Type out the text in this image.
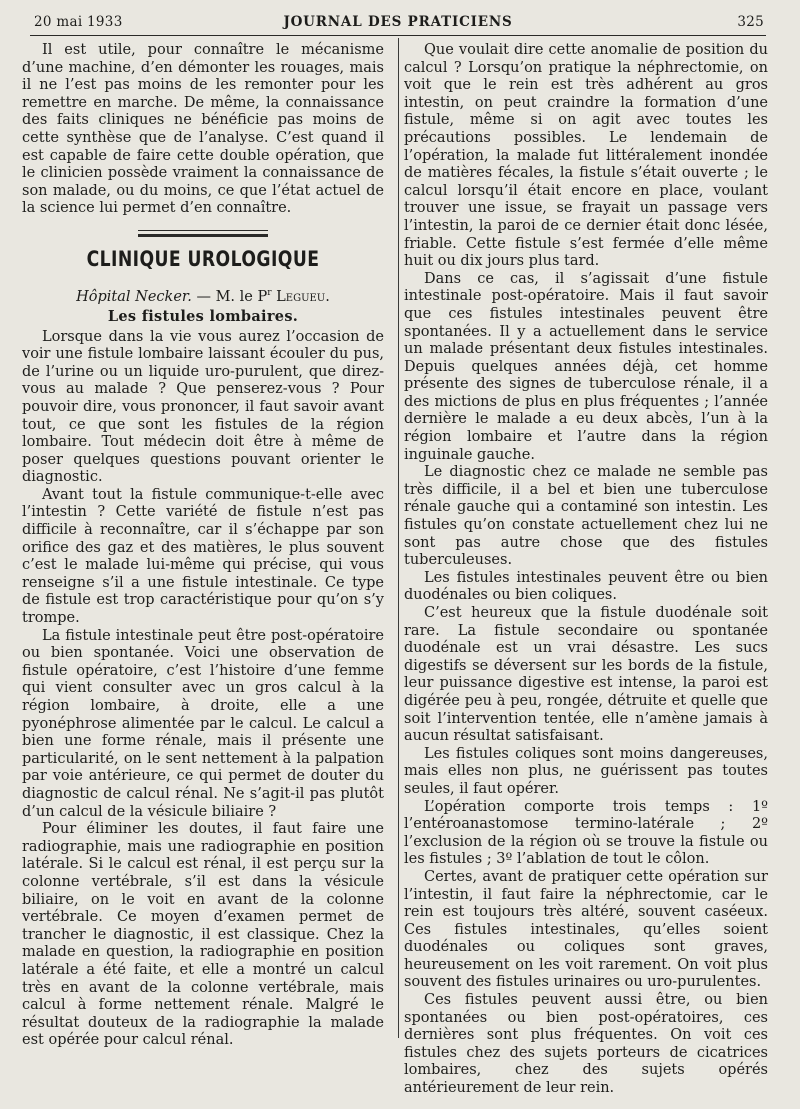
20 mai 1933	JOURNAL DES PRATICIENS	325

Il est utile, pour connaître le mécanisme d’une machine, d’en démonter les rouages, mais il ne l’est pas moins de les remonter pour les remettre en marche. De même, la connaissance des faits cliniques ne bénéficie pas moins de cette synthèse que de l’analyse. C’est quand il est capable de faire cette double opération, que le clinicien possède vraiment la connaissance de son malade, ou du moins, ce que l’état actuel de la science lui permet d’en connaître.

CLINIQUE UROLOGIQUE
Hôpital Necker. — M. le $P^r$ Legueu.
Les fistules lombaires.

Lorsque dans la vie vous aurez l’occasion de voir une fistule lombaire laissant écouler du pus, de l’urine ou un liquide uro-purulent, que direz-vous au malade ? Que penserez-vous ? Pour pouvoir dire, vous prononcer, il faut savoir avant tout, ce que sont les fistules de la région lombaire. Tout médecin doit être à même de poser quelques questions pouvant orienter le diagnostic.

Avant tout la fistule communique-t-elle avec l’intestin ? Cette variété de fistule n’est pas difficile à reconnaître, car il s’échappe par son orifice des gaz et des matières, le plus souvent c’est le malade lui-même qui précise, qui vous renseigne s’il a une fistule intestinale. Ce type de fistule est trop caractéristique pour qu’on s’y trompe.

La fistule intestinale peut être post-opératoire ou bien spontanée. Voici une observation de fistule opératoire, c’est l’histoire d’une femme qui vient consulter avec un gros calcul à la région lombaire, à droite, elle a une pyonéphrose alimentée par le calcul. Le calcul a bien une forme rénale, mais il présente une particularité, on le sent nettement à la palpation par voie antérieure, ce qui permet de douter du diagnostic de calcul rénal. Ne s’agit-il pas plutôt d’un calcul de la vésicule biliaire ?

Pour éliminer les doutes, il faut faire une radiographie, mais une radiographie en position latérale. Si le calcul est rénal, il est perçu sur la colonne vertébrale, s’il est dans la vésicule biliaire, on le voit en avant de la colonne vertébrale. Ce moyen d’examen permet de trancher le diagnostic, il est classique. Chez la malade en question, la radiographie en position latérale a été faite, et elle a montré un calcul très en avant de la colonne vertébrale, mais calcul à forme nettement rénale. Malgré le résultat douteux de la radiographie la malade est opérée pour calcul rénal.

Que voulait dire cette anomalie de position du calcul ? Lorsqu’on pratique la néphrectomie, on voit que le rein est très adhérent au gros intestin, on peut craindre la formation d’une fistule, même si on agit avec toutes les précautions possibles. Le lendemain de l’opération, la malade fut littéralement inondée de matières fécales, la fistule s’était ouverte ; le calcul lorsqu’il était encore en place, voulant trouver une issue, se frayait un passage vers l’intestin, la paroi de ce dernier était donc lésée, friable. Cette fistule s’est fermée d’elle même huit ou dix jours plus tard.

Dans ce cas, il s’agissait d’une fistule intestinale post-opératoire. Mais il faut savoir que ces fistules intestinales peuvent être spontanées. Il y a actuellement dans le service un malade présentant deux fistules intestinales. Depuis quelques années déjà, cet homme présente des signes de tuberculose rénale, il a des mictions de plus en plus fréquentes ; l’année dernière le malade a eu deux abcès, l’un à la région lombaire et l’autre dans la région inguinale gauche.

Le diagnostic chez ce malade ne semble pas très difficile, il a bel et bien une tuberculose rénale gauche qui a contaminé son intestin. Les fistules qu’on constate actuellement chez lui ne sont pas autre chose que des fistules tuberculeuses.

Les fistules intestinales peuvent être ou bien duodénales ou bien coliques.

C’est heureux que la fistule duodénale soit rare. La fistule secondaire ou spontanée duodénale est un vrai désastre. Les sucs digestifs se déversent sur les bords de la fistule, leur puissance digestive est intense, la paroi est digérée peu à peu, rongée, détruite et quelle que soit l’intervention tentée, elle n’amène jamais à aucun résultat satisfaisant.

Les fistules coliques sont moins dangereuses, mais elles non plus, ne guérissent pas toutes seules, il faut opérer.

L’opération comporte trois temps : 1º l’entéroanastomose termino-latérale ; 2º l’exclusion de la région où se trouve la fistule ou les fistules ; 3º l’ablation de tout le côlon.

Certes, avant de pratiquer cette opération sur l’intestin, il faut faire la néphrectomie, car le rein est toujours très altéré, souvent caséeux. Ces fistules intestinales, qu’elles soient duodénales ou coliques sont graves, heureusement on les voit rarement. On voit plus souvent des fistules urinaires ou uro-purulentes.

Ces fistules peuvent aussi être, ou bien spontanées ou bien post-opératoires, ces dernières sont plus fréquentes. On voit ces fistules chez des sujets porteurs de cicatrices lombaires, chez des sujets opérés antérieurement de leur rein.
